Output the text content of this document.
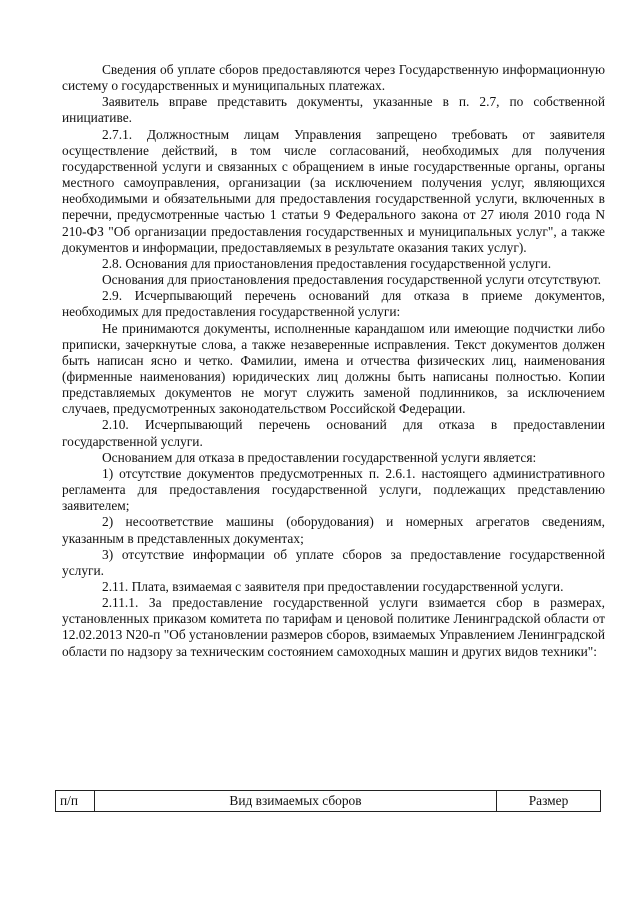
Сведения об уплате сборов предоставляются через Государственную информационную систему о государственных и муниципальных платежах.

Заявитель вправе представить документы, указанные в п. 2.7, по собственной инициативе.

2.7.1. Должностным лицам Управления запрещено требовать от заявителя осуществление действий, в том числе согласований, необходимых для получения государственной услуги и связанных с обращением в иные государственные органы, органы местного самоуправления, организации (за исключением получения услуг, являющихся необходимыми и обязательными для предоставления государственной услуги, включенных в перечни, предусмотренные частью 1 статьи 9 Федерального закона от 27 июля 2010 года N 210-ФЗ "Об организации предоставления государственных и муниципальных услуг", а также документов и информации, предоставляемых в результате оказания таких услуг).

2.8. Основания для приостановления предоставления государственной услуги.

Основания для приостановления предоставления государственной услуги отсутствуют.

2.9. Исчерпывающий перечень оснований для отказа в приеме документов, необходимых для предоставления государственной услуги:

Не принимаются документы, исполненные карандашом или имеющие подчистки либо приписки, зачеркнутые слова, а также незаверенные исправления. Текст документов должен быть написан ясно и четко. Фамилии, имена и отчества физических лиц, наименования (фирменные наименования) юридических лиц должны быть написаны полностью. Копии представляемых документов не могут служить заменой подлинников, за исключением случаев, предусмотренных законодательством Российской Федерации.

2.10. Исчерпывающий перечень оснований для отказа в предоставлении государственной услуги.

Основанием для отказа в предоставлении государственной услуги является:

1) отсутствие документов предусмотренных п. 2.6.1. настоящего административного регламента для предоставления государственной услуги, подлежащих представлению заявителем;

2) несоответствие машины (оборудования) и номерных агрегатов сведениям, указанным в представленных документах;

3) отсутствие информации об уплате сборов за предоставление государственной услуги.

2.11. Плата, взимаемая с заявителя при предоставлении государственной услуги.

2.11.1. За предоставление государственной услуги взимается сбор в размерах, установленных приказом комитета по тарифам и ценовой политике Ленинградской области от 12.02.2013 N20-п "Об установлении размеров сборов, взимаемых Управлением Ленинградской области по надзору за техническим состоянием самоходных машин и других видов техники":

п/п	Вид взимаемых сборов	Размер
